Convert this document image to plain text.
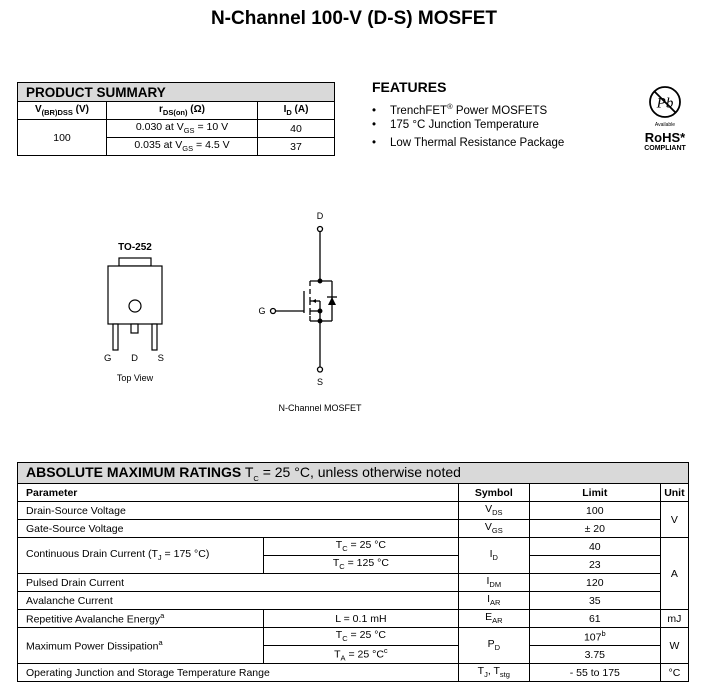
N-Channel 100-V (D-S) MOSFET
PRODUCT SUMMARY		
$V_{(BR)DSS}$ (V)	$r_{DS(on)}$ (Ω)	$I_D$ (A)
100	0.030 at $V_{GS} = 10$ V	40
	0.035 at $V_{GS} = 4.5$ V	37
FEATURES
• TrenchFET® Power MOSFETS
• 175 °C Junction Temperature
• Low Thermal Resistance Package
Pb
Available
RoHS*
COMPLIANT
TO-252
G D S
Top View
D
G
S
N-Channel MOSFET
ABSOLUTE MAXIMUM RATINGS $T_C = 25$ °C, unless otherwise noted				
Parameter		Symbol	Limit	Unit
Drain-Source Voltage		$V_{DS}$	100	V
Gate-Source Voltage		$V_{GS}$	± 20	
Continuous Drain Current ($T_J = 175$ °C)	$T_C = 25$ °C	$I_D$	40	A
	$T_C = 125$ °C		23	
Pulsed Drain Current		$I_{DM}$	120	
Avalanche Current		$I_{AR}$	35	
Repetitive Avalanche Energy$^a$	L = 0.1 mH	$E_{AR}$	61	mJ
Maximum Power Dissipation$^a$	$T_C = 25$ °C	$P_D$	107$^b$	W
	$T_A = 25$ $^\circ C^c$		3.75	
Operating Junction and Storage Temperature Range		$T_J$, $T_{stg}$	- 55 to 175	°C
